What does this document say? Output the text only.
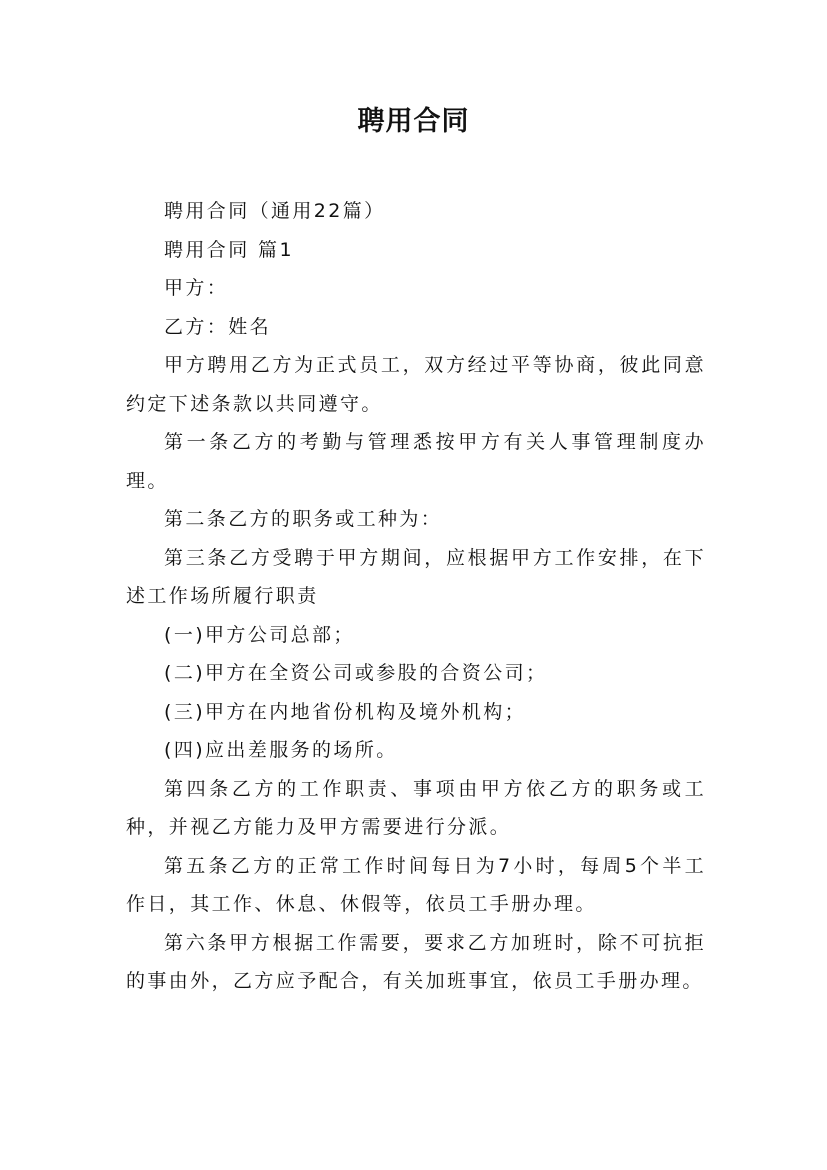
聘用合同

聘用合同（通用22篇）

聘用合同 篇1

甲方：

乙方：姓名

甲方聘用乙方为正式员工，双方经过平等协商，彼此同意约定下述条款以共同遵守。

第一条乙方的考勤与管理悉按甲方有关人事管理制度办理。

第二条乙方的职务或工种为：

第三条乙方受聘于甲方期间，应根据甲方工作安排，在下述工作场所履行职责

(一)甲方公司总部；

(二)甲方在全资公司或参股的合资公司；

(三)甲方在内地省份机构及境外机构；

(四)应出差服务的场所。

第四条乙方的工作职责、事项由甲方依乙方的职务或工种，并视乙方能力及甲方需要进行分派。

第五条乙方的正常工作时间每日为7小时，每周5个半工作日，其工作、休息、休假等，依员工手册办理。

第六条甲方根据工作需要，要求乙方加班时，除不可抗拒的事由外，乙方应予配合，有关加班事宜，依员工手册办理。
